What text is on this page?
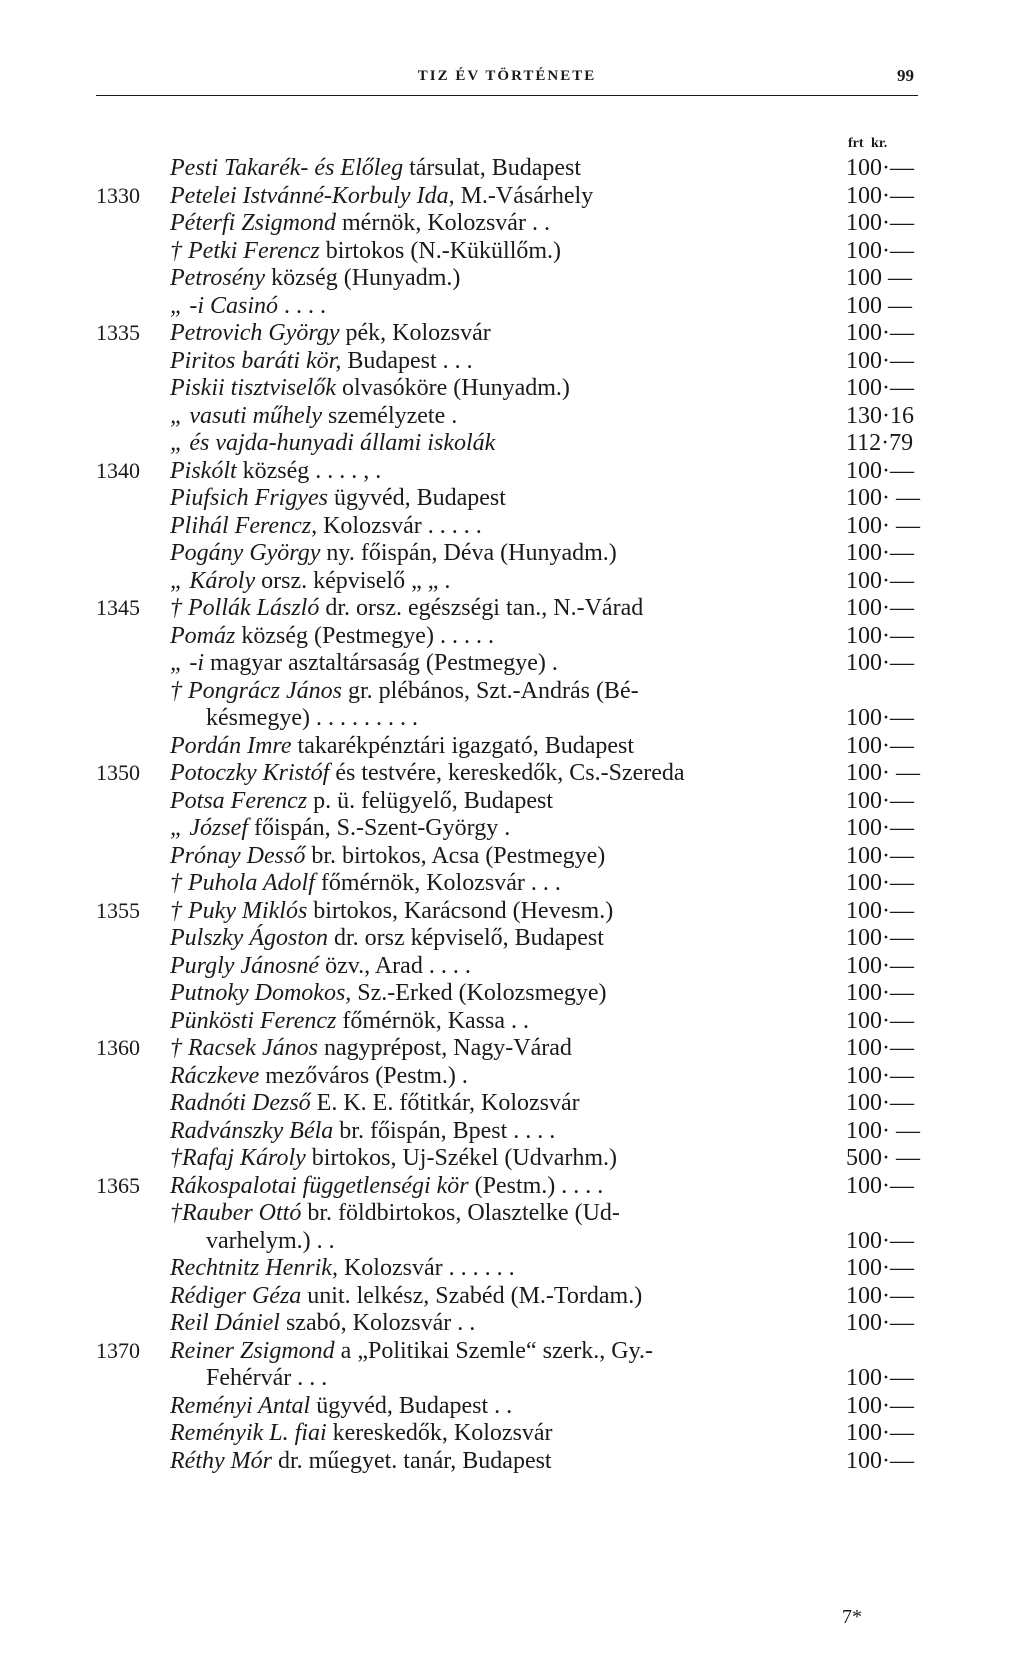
TIZ ÉV TÖRTÉNETE	99
frt kr.
Pesti Takarék- és Előleg társulat, Budapest	100·—
1330	Petelei Istvánné-Korbuly Ida, M.-Vásárhely	100·—
Péterfi Zsigmond mérnök, Kolozsvár . .	100·—
† Petki Ferencz birtokos (N.-Küküllőm.)	100·—
Petrosény község (Hunyadm.)	100 —
„ -i Casinó . . . .	100 —
1335	Petrovich György pék, Kolozsvár	100·—
Piritos baráti kör, Budapest . . .	100·—
Piskii tisztviselők olvasóköre (Hunyadm.)	100·—
„ vasuti műhely személyzete .	130·16
„ és vajda-hunyadi állami iskolák	112·79
1340	Piskólt község . . . . , .	100·—
Piufsich Frigyes ügyvéd, Budapest	100· —
Plihál Ferencz, Kolozsvár . . . . .	100· —
Pogány György ny. főispán, Déva (Hunyadm.)	100·—
„ Károly orsz. képviselő „ „ .	100·—
1345	† Pollák László dr. orsz. egészségi tan., N.-Várad	100·—
Pomáz község (Pestmegye) . . . . .	100·—
„ -i magyar asztaltársaság (Pestmegye) .	100·—
† Pongrácz János gr. plébános, Szt.-András (Bé-
késmegye) . . . . . . . . .	100·—
Pordán Imre takarékpénztári igazgató, Budapest	100·—
1350	Potoczky Kristóf és testvére, kereskedők, Cs.-Szereda	100· —
Potsa Ferencz p. ü. felügyelő, Budapest	100·—
„ József főispán, S.-Szent-György .	100·—
Prónay Desső br. birtokos, Acsa (Pestmegye)	100·—
† Puhola Adolf főmérnök, Kolozsvár . . .	100·—
1355	† Puky Miklós birtokos, Karácsond (Hevesm.)	100·—
Pulszky Ágoston dr. orsz képviselő, Budapest	100·—
Purgly Jánosné özv., Arad . . . .	100·—
Putnoky Domokos, Sz.-Erked (Kolozsmegye)	100·—
Pünkösti Ferencz főmérnök, Kassa . .	100·—
1360	† Racsek János nagyprépost, Nagy-Várad	100·—
Ráczkeve mezőváros (Pestm.) .	100·—
Radnóti Dezső E. K. E. főtitkár, Kolozsvár	100·—
Radvánszky Béla br. főispán, Bpest . . . .	100· —
†Rafaj Károly birtokos, Uj-Székel (Udvarhm.)	500· —
1365	Rákospalotai függetlenségi kör (Pestm.) . . . .	100·—
†Rauber Ottó br. földbirtokos, Olasztelke (Ud-
varhelym.) . .	100·—
Rechtnitz Henrik, Kolozsvár . . . . . .	100·—
Rédiger Géza unit. lelkész, Szabéd (M.-Tordam.)	100·—
Reil Dániel szabó, Kolozsvár . .	100·—
1370	Reiner Zsigmond a „Politikai Szemle“ szerk., Gy.-
Fehérvár . . .	100·—
Reményi Antal ügyvéd, Budapest . .	100·—
Reményik L. fiai kereskedők, Kolozsvár	100·—
Réthy Mór dr. műegyet. tanár, Budapest	100·—
7*
